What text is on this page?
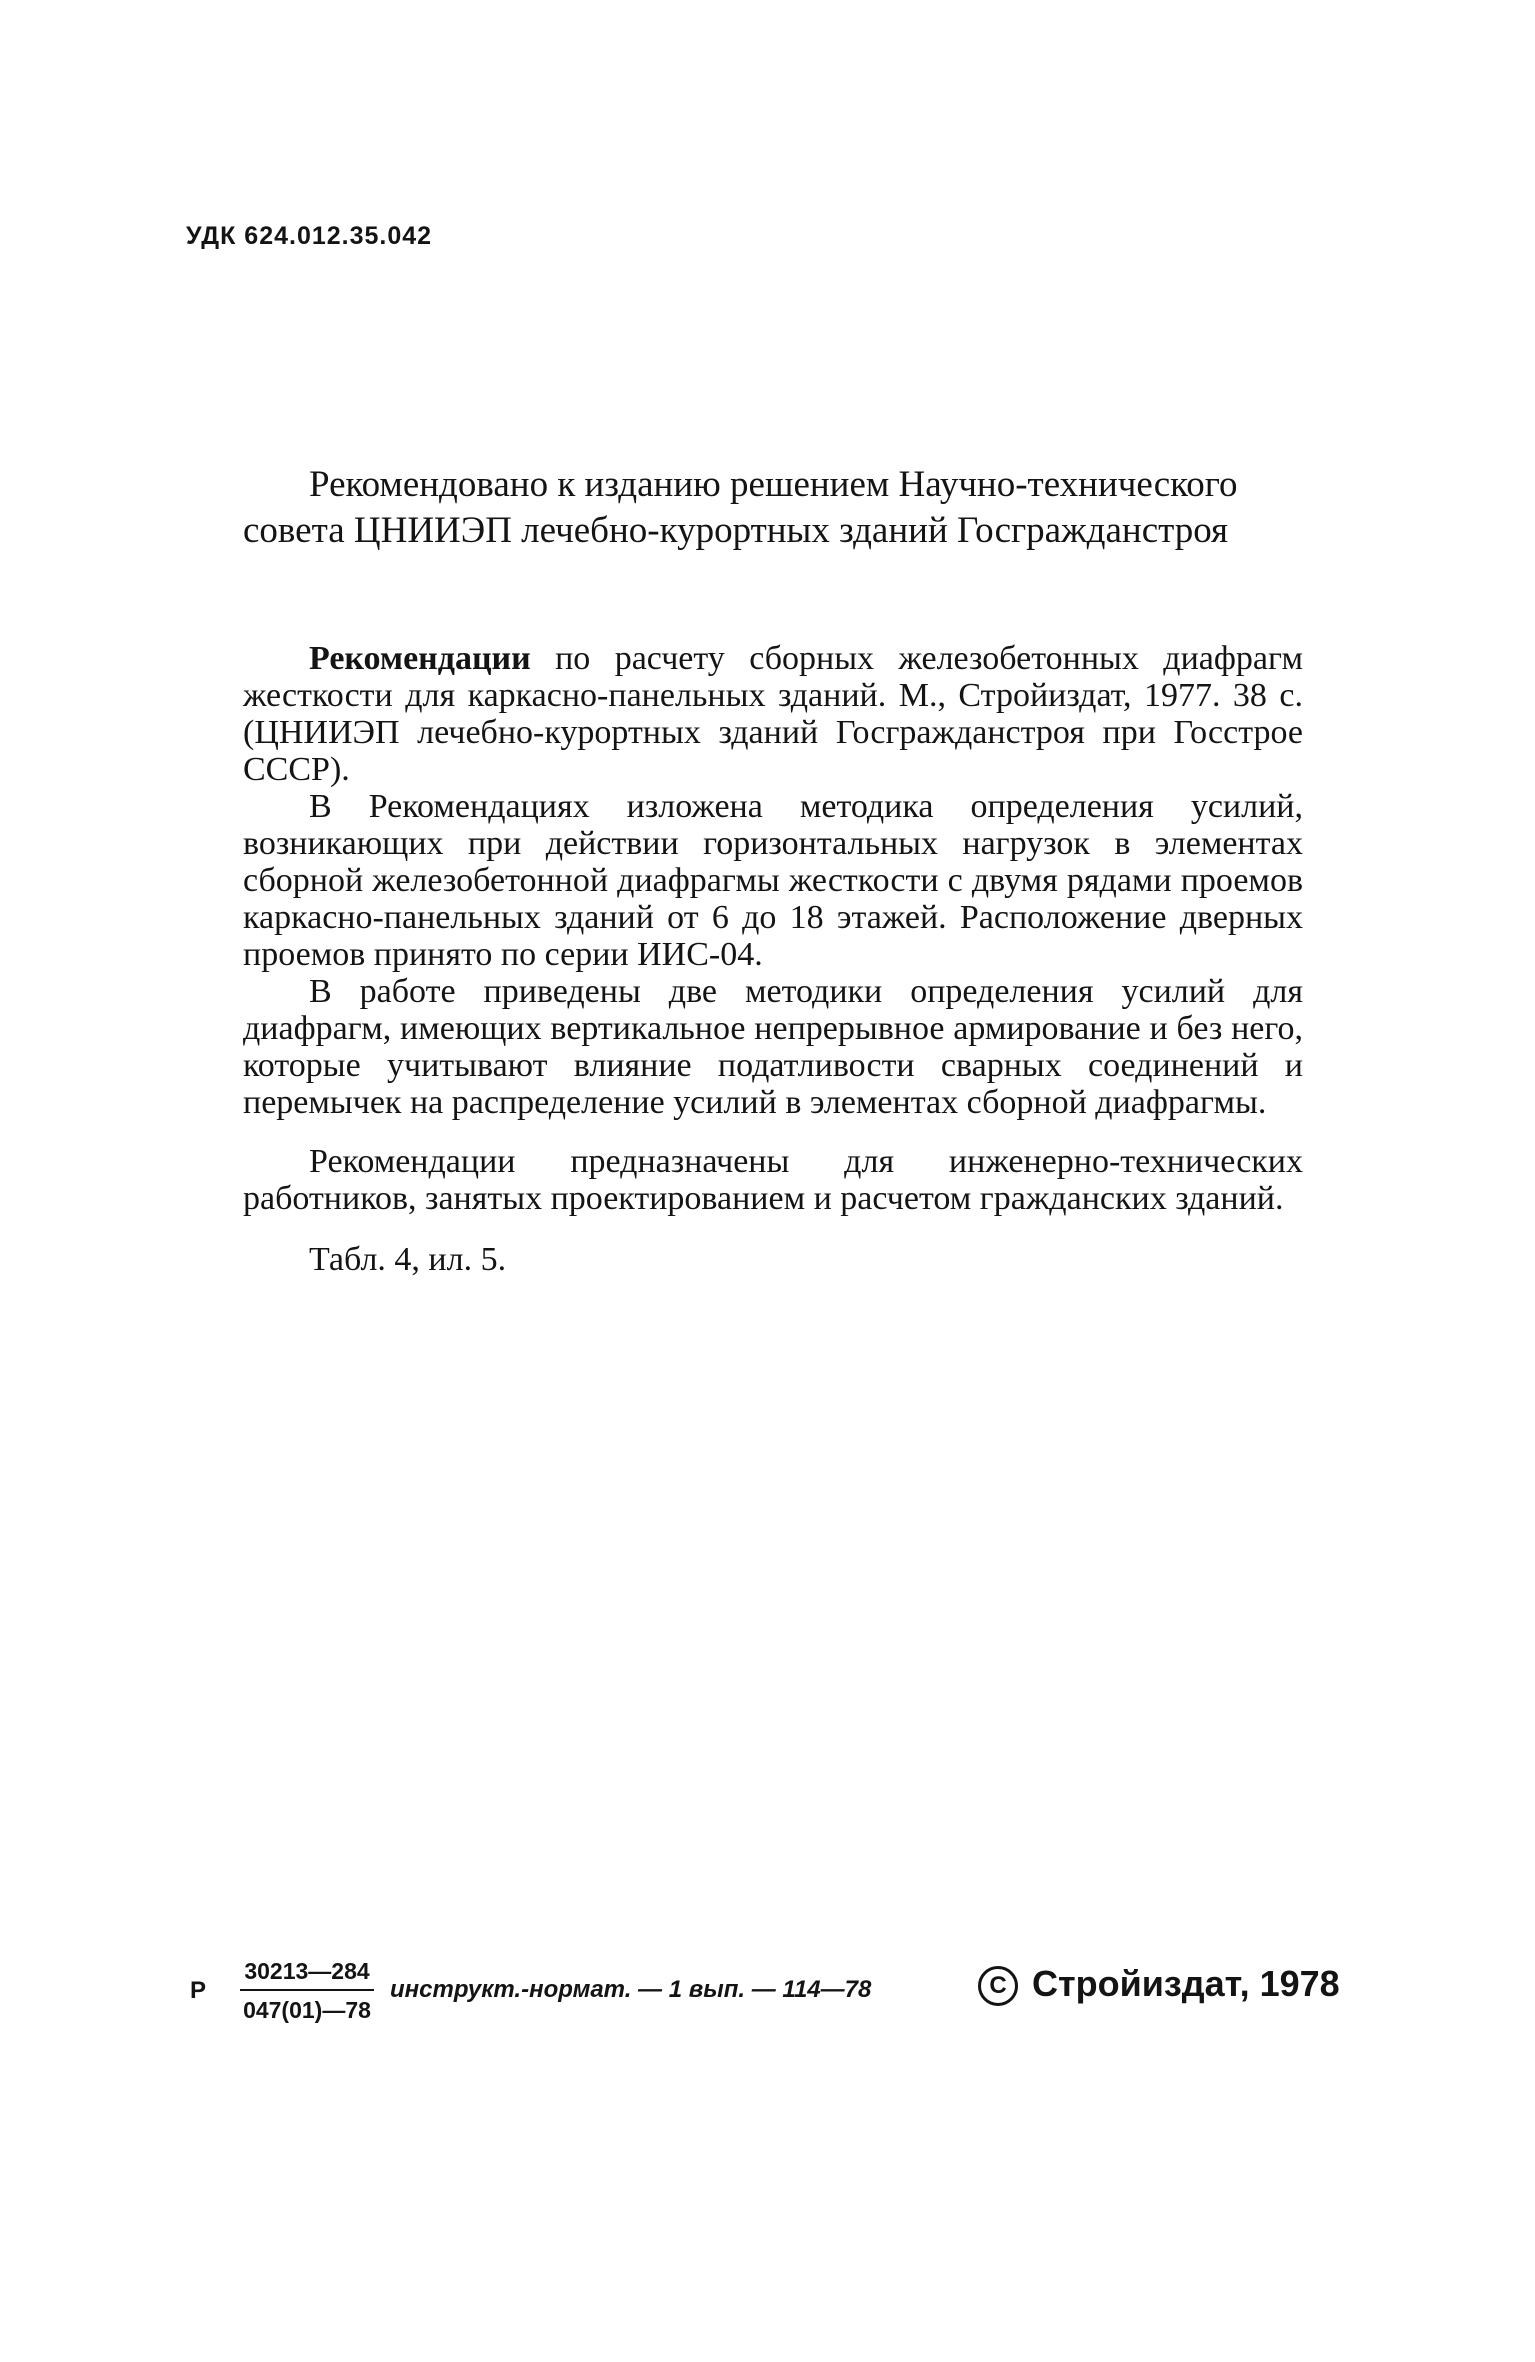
УДК 624.012.35.042
Рекомендовано к изданию решением Научно-технического
совета ЦНИИЭП лечебно-курортных зданий Госгражданстроя

Рекомендации по расчету сборных железобетонных диафрагм жесткости для каркасно-панельных зданий. М., Стройиздат, 1977. 38 с. (ЦНИИЭП лечебно-курортных зданий Госгражданстроя при Госстрое СССР).

В Рекомендациях изложена методика определения усилий, возникающих при действии горизонтальных нагрузок в элементах сборной железобетонной диафрагмы жесткости с двумя рядами проемов каркасно-панельных зданий от 6 до 18 этажей. Расположение дверных проемов принято по серии ИИС-04.

В работе приведены две методики определения усилий для диафрагм, имеющих вертикальное непрерывное армирование и без него, которые учитывают влияние податливости сварных соединений и перемычек на распределение усилий в элементах сборной диафрагмы.

Рекомендации предназначены для инженерно-технических работников, занятых проектированием и расчетом гражданских зданий.

Табл. 4, ил. 5.

Р
30213—284
047(01)—78
инструкт.-нормат. — 1 вып. — 114—78	C Стройиздат, 1978
